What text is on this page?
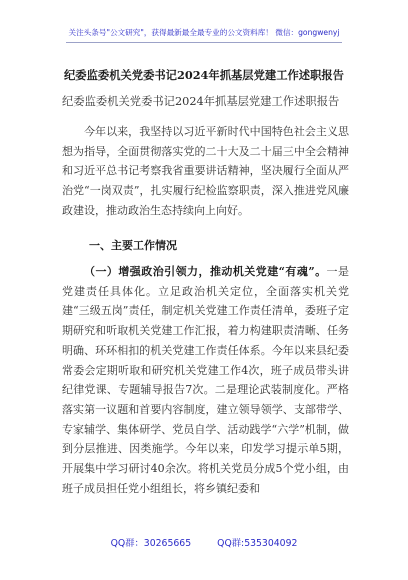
关注头条号"公文研究"，获得最新最全最专业的公文资料库！ 微信：gongwenyj
纪委监委机关党委书记2024年抓基层党建工作述职报告
纪委监委机关党委书记2024年抓基层党建工作述职报告
今年以来，我坚持以习近平新时代中国特色社会主义思想为指导，全面贯彻落实党的二十大及二十届三中全会精神和习近平总书记考察我省重要讲话精神，坚决履行全面从严治党“一岗双责”，扎实履行纪检监察职责，深入推进党风廉政建设，推动政治生态持续向上向好。
一、主要工作情况
（一）增强政治引领力，推动机关党建“有魂”。一是党建责任具体化。立足政治机关定位，全面落实机关党建“三级五岗”责任，制定机关党建工作责任清单，委班子定期研究和听取机关党建工作汇报，着力构建职责清晰、任务明确、环环相扣的机关党建工作责任体系。今年以来县纪委常委会定期听取和研究机关党建工作4次，班子成员带头讲纪律党课、专题辅导报告7次。二是理论武装制度化。严格落实第一议题和首要内容制度，建立领导领学、支部带学、专家辅学、集体研学、党员自学、活动践学“六学”机制，做到分层推进、因类施学。今年以来，印发学习提示单5期，开展集中学习研讨40余次。将机关党员分成5个党小组，由班子成员担任党小组组长，将乡镇纪委和
QQ群：30265665	QQ群:535304092
